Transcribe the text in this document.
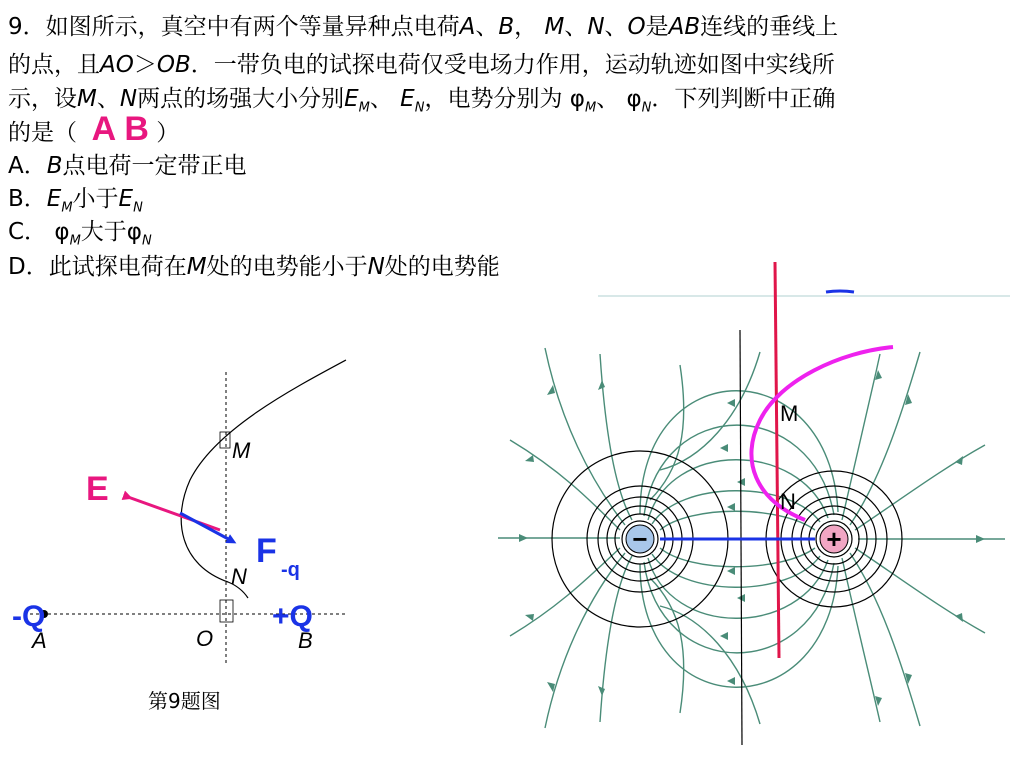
9．如图所示，真空中有两个等量异种点电荷A、B， M、N、O是AB连线的垂线上
的点，且AO＞OB．一带负电的试探电荷仅受电场力作用，运动轨迹如图中实线所
示，设M、N两点的场强大小分别$E_M$、 $E_N$，电势分别为 $\varphi_M$、 $\varphi_N$．下列判断中正确
的是（ A B ）
A．B点电荷一定带正电
B．$E_M$小于$E_N$
C． $\varphi_M$大于$\varphi_N$
D．此试探电荷在M处的电势能小于N处的电势能
M
N
O
A	B
E
F -q
-Q	+Q
第9题图
−	+
M
N
